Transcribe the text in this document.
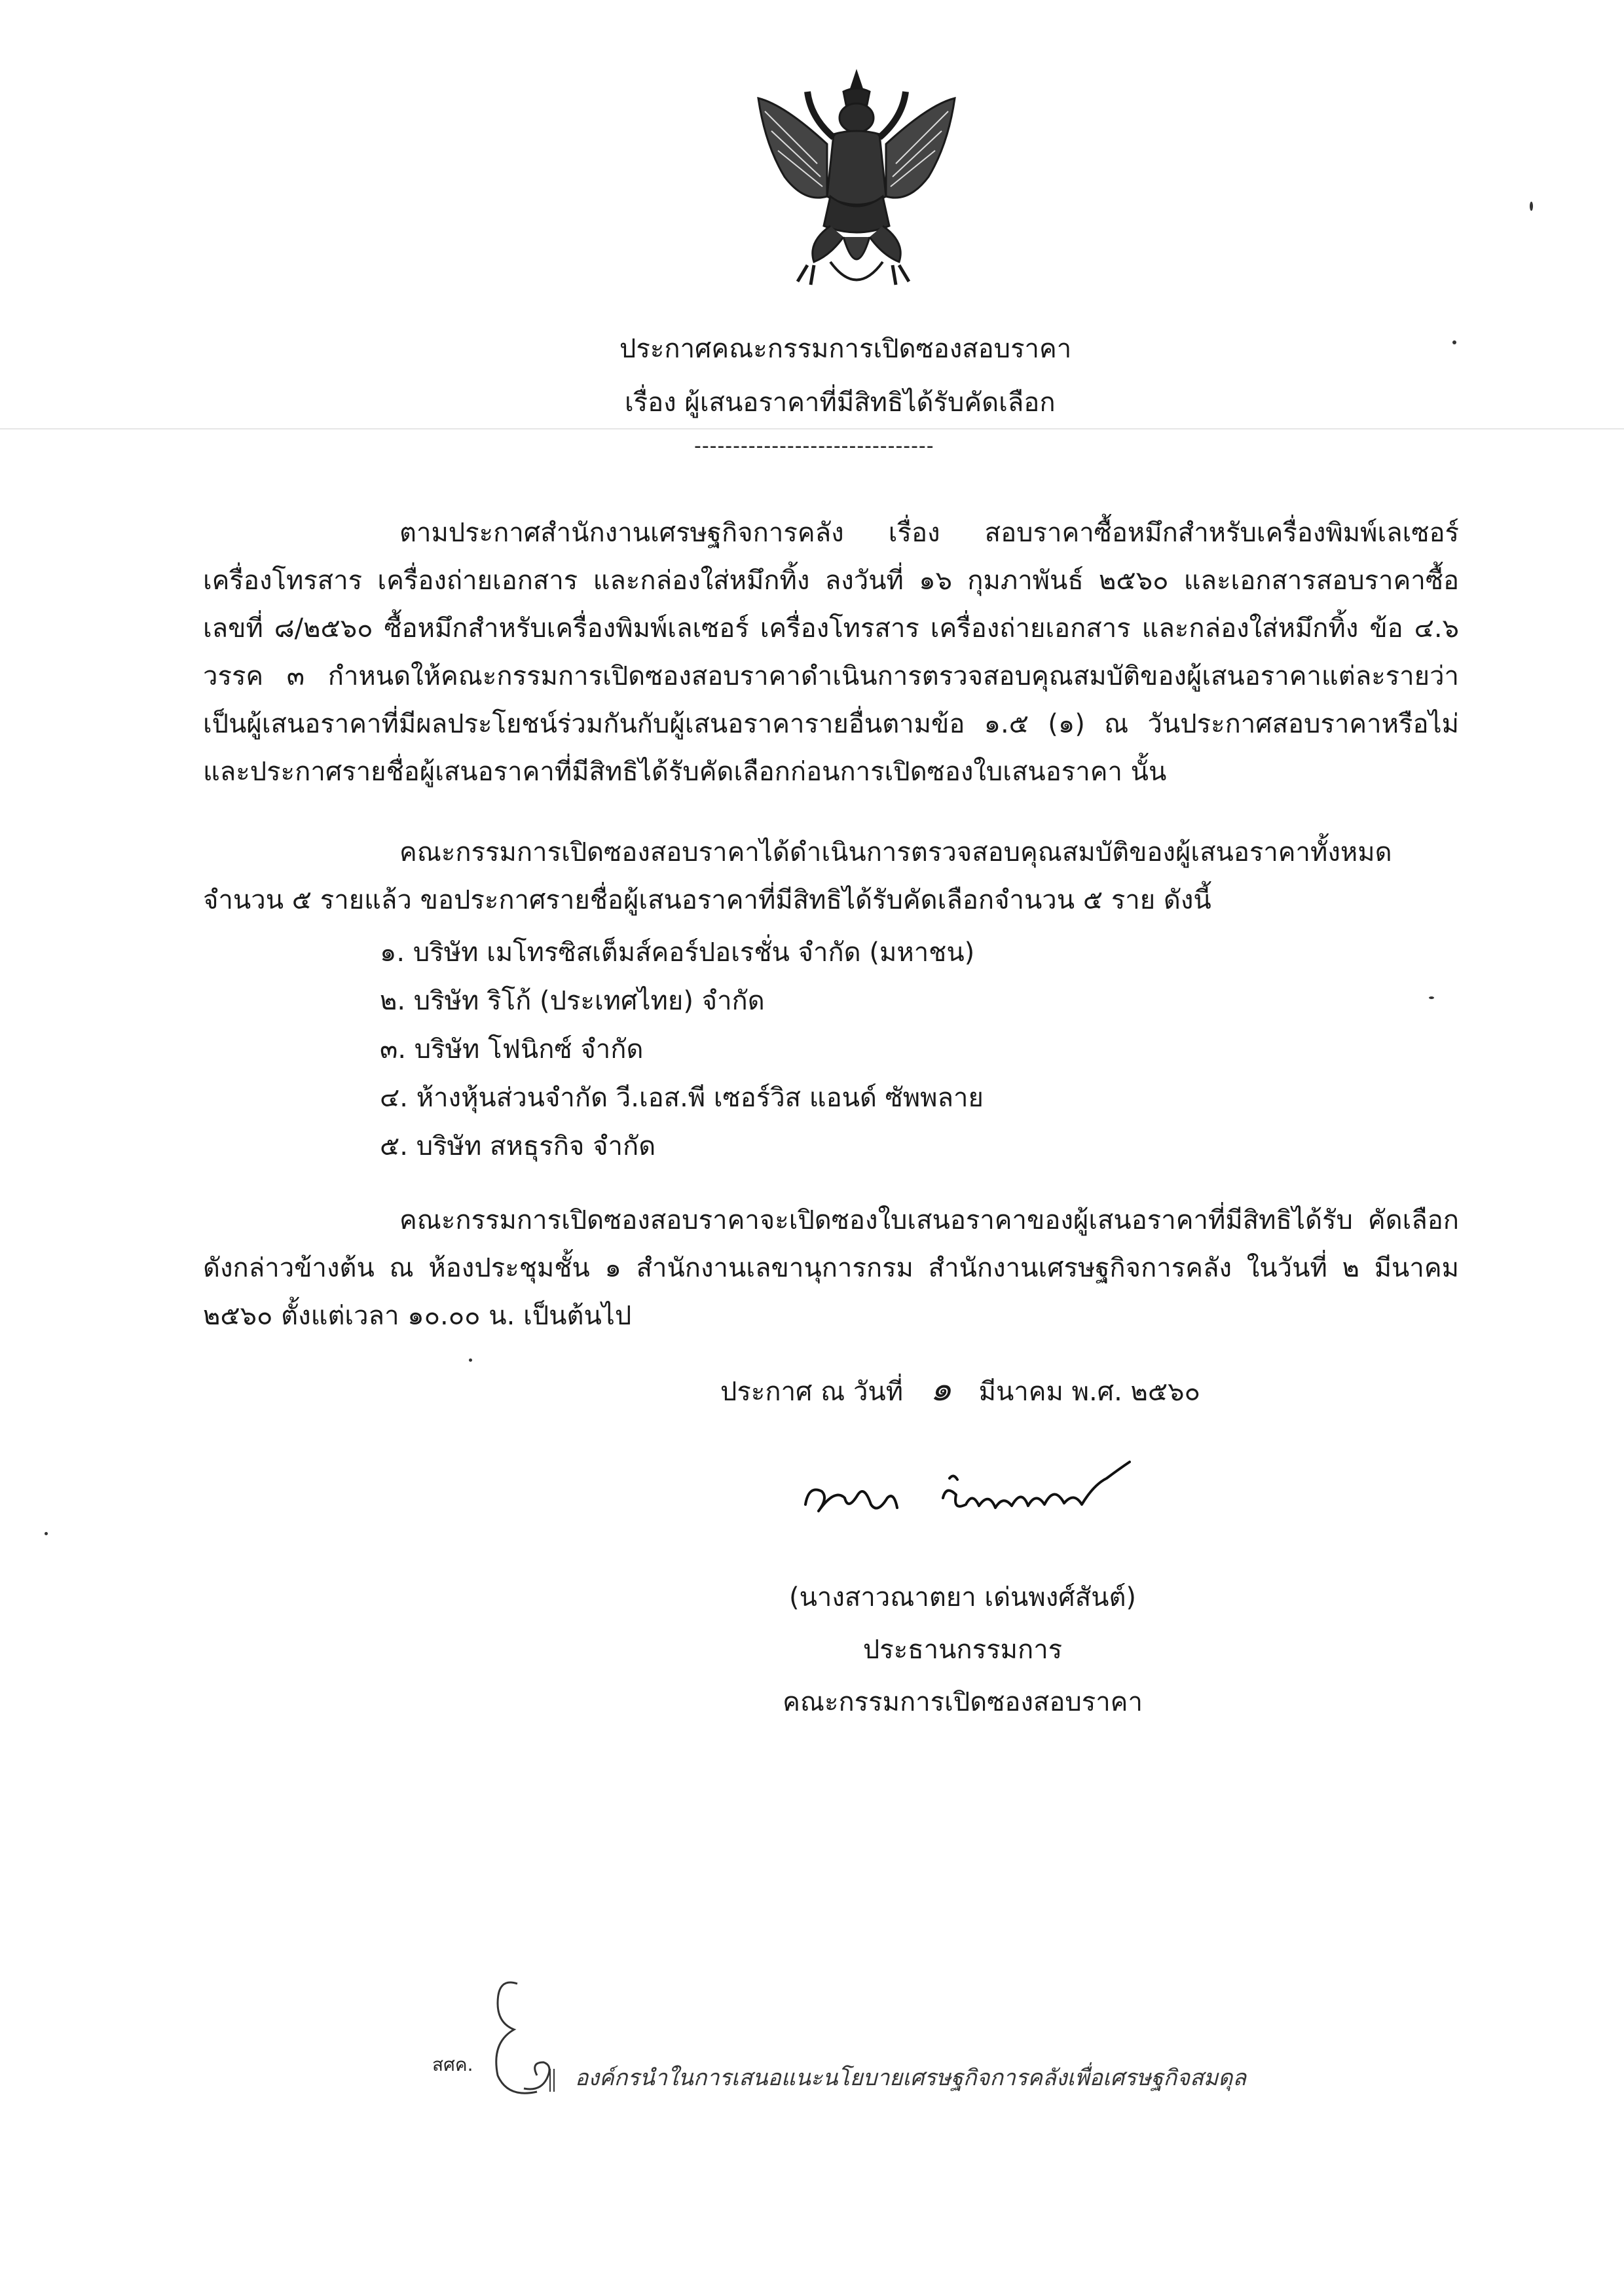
ประกาศคณะกรรมการเปิดซองสอบราคา
เรื่อง ผู้เสนอราคาที่มีสิทธิได้รับคัดเลือก
-------------------------------

ตามประกาศสำนักงานเศรษฐกิจการคลัง เรื่อง สอบราคาซื้อหมึกสำหรับเครื่องพิมพ์เลเซอร์ เครื่องโทรสาร เครื่องถ่ายเอกสาร และกล่องใส่หมึกทิ้ง ลงวันที่ ๑๖ กุมภาพันธ์ ๒๕๖๐ และเอกสารสอบราคาซื้อ เลขที่ ๘/๒๕๖๐ ซื้อหมึกสำหรับเครื่องพิมพ์เลเซอร์ เครื่องโทรสาร เครื่องถ่ายเอกสาร และกล่องใส่หมึกทิ้ง ข้อ ๔.๖ วรรค ๓ กำหนดให้คณะกรรมการเปิดซองสอบราคาดำเนินการตรวจสอบคุณสมบัติของผู้เสนอราคาแต่ละรายว่า เป็นผู้เสนอราคาที่มีผลประโยชน์ร่วมกันกับผู้เสนอราคารายอื่นตามข้อ ๑.๕ (๑) ณ วันประกาศสอบราคาหรือไม่ และประกาศรายชื่อผู้เสนอราคาที่มีสิทธิได้รับคัดเลือกก่อนการเปิดซองใบเสนอราคา นั้น

คณะกรรมการเปิดซองสอบราคาได้ดำเนินการตรวจสอบคุณสมบัติของผู้เสนอราคาทั้งหมด จำนวน ๕ รายแล้ว ขอประกาศรายชื่อผู้เสนอราคาที่มีสิทธิได้รับคัดเลือกจำนวน ๕ ราย ดังนี้

๑. บริษัท เมโทรซิสเต็มส์คอร์ปอเรชั่น จำกัด (มหาชน)
๒. บริษัท ริโก้ (ประเทศไทย) จำกัด
๓. บริษัท โฟนิกซ์ จำกัด
๔. ห้างหุ้นส่วนจำกัด วี.เอส.พี เซอร์วิส แอนด์ ซัพพลาย
๕. บริษัท สหธุรกิจ จำกัด

คณะกรรมการเปิดซองสอบราคาจะเปิดซองใบเสนอราคาของผู้เสนอราคาที่มีสิทธิได้รับ คัดเลือกดังกล่าวข้างต้น ณ ห้องประชุมชั้น ๑ สำนักงานเลขานุการกรม สำนักงานเศรษฐกิจการคลัง ในวันที่ ๒ มีนาคม ๒๕๖๐ ตั้งแต่เวลา ๑๐.๐๐ น. เป็นต้นไป

ประกาศ ณ วันที่ ๑ มีนาคม พ.ศ. ๒๕๖๐
(นางสาวณาตยา เด่นพงศ์สันต์)
ประธานกรรมการ
คณะกรรมการเปิดซองสอบราคา
สศค.
องค์กรนำในการเสนอแนะนโยบายเศรษฐกิจการคลังเพื่อเศรษฐกิจสมดุล
